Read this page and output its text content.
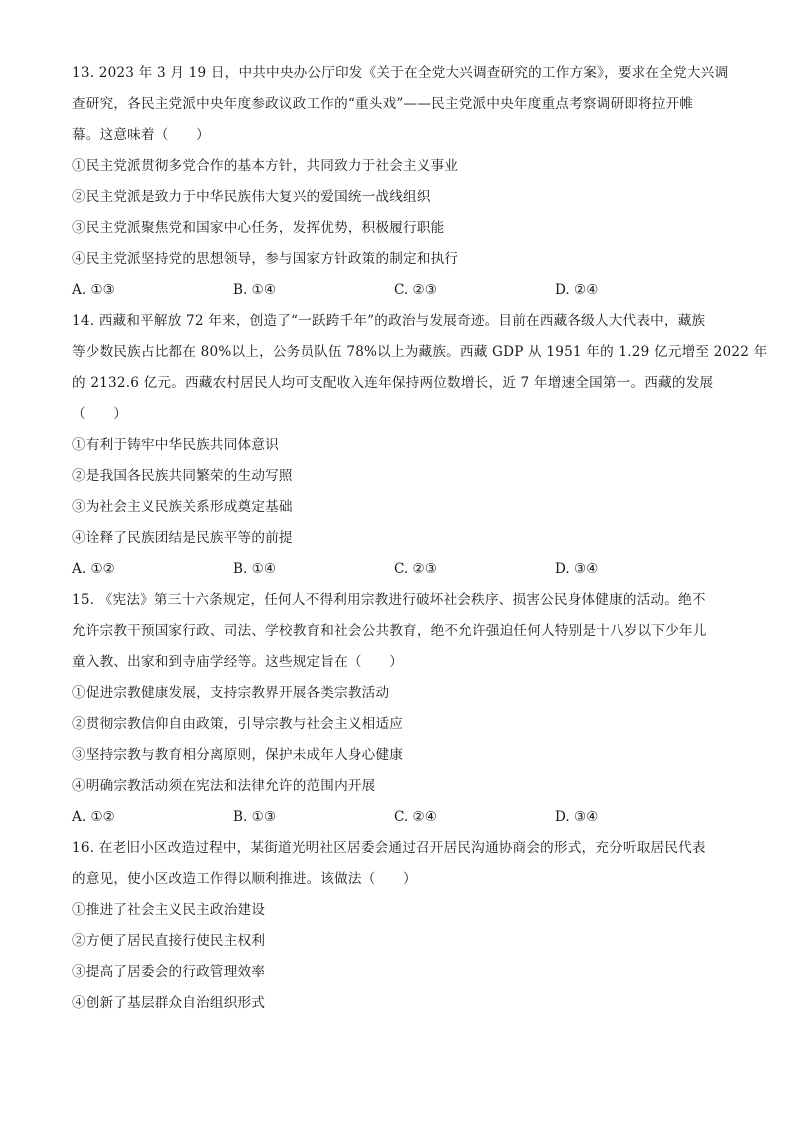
13. 2023 年 3 月 19 日，中共中央办公厅印发《关于在全党大兴调查研究的工作方案》，要求在全党大兴调
查研究，各民主党派中央年度参政议政工作的“重头戏”——民主党派中央年度重点考察调研即将拉开帷
幕。这意味着（　　）
①民主党派贯彻多党合作的基本方针，共同致力于社会主义事业
②民主党派是致力于中华民族伟大复兴的爱国统一战线组织
③民主党派聚焦党和国家中心任务，发挥优势，积极履行职能
④民主党派坚持党的思想领导，参与国家方针政策的制定和执行
A. ①③	B. ①④	C. ②③	D. ②④
14. 西藏和平解放 72 年来，创造了“一跃跨千年”的政治与发展奇迹。目前在西藏各级人大代表中，藏族
等少数民族占比都在 80%以上，公务员队伍 78%以上为藏族。西藏 GDP 从 1951 年的 1.29 亿元增至 2022 年
的 2132.6 亿元。西藏农村居民人均可支配收入连年保持两位数增长，近 7 年增速全国第一。西藏的发展
（　　）
①有利于铸牢中华民族共同体意识
②是我国各民族共同繁荣的生动写照
③为社会主义民族关系形成奠定基础
④诠释了民族团结是民族平等的前提
A. ①②	B. ①④	C. ②③	D. ③④
15. 《宪法》第三十六条规定，任何人不得利用宗教进行破坏社会秩序、损害公民身体健康的活动。绝不
允许宗教干预国家行政、司法、学校教育和社会公共教育，绝不允许强迫任何人特别是十八岁以下少年儿
童入教、出家和到寺庙学经等。这些规定旨在（　　）
①促进宗教健康发展，支持宗教界开展各类宗教活动
②贯彻宗教信仰自由政策，引导宗教与社会主义相适应
③坚持宗教与教育相分离原则，保护未成年人身心健康
④明确宗教活动须在宪法和法律允许的范围内开展
A. ①②	B. ①③	C. ②④	D. ③④
16. 在老旧小区改造过程中，某街道光明社区居委会通过召开居民沟通协商会的形式，充分听取居民代表
的意见，使小区改造工作得以顺利推进。该做法（　　）
①推进了社会主义民主政治建设
②方便了居民直接行使民主权利
③提高了居委会的行政管理效率
④创新了基层群众自治组织形式
